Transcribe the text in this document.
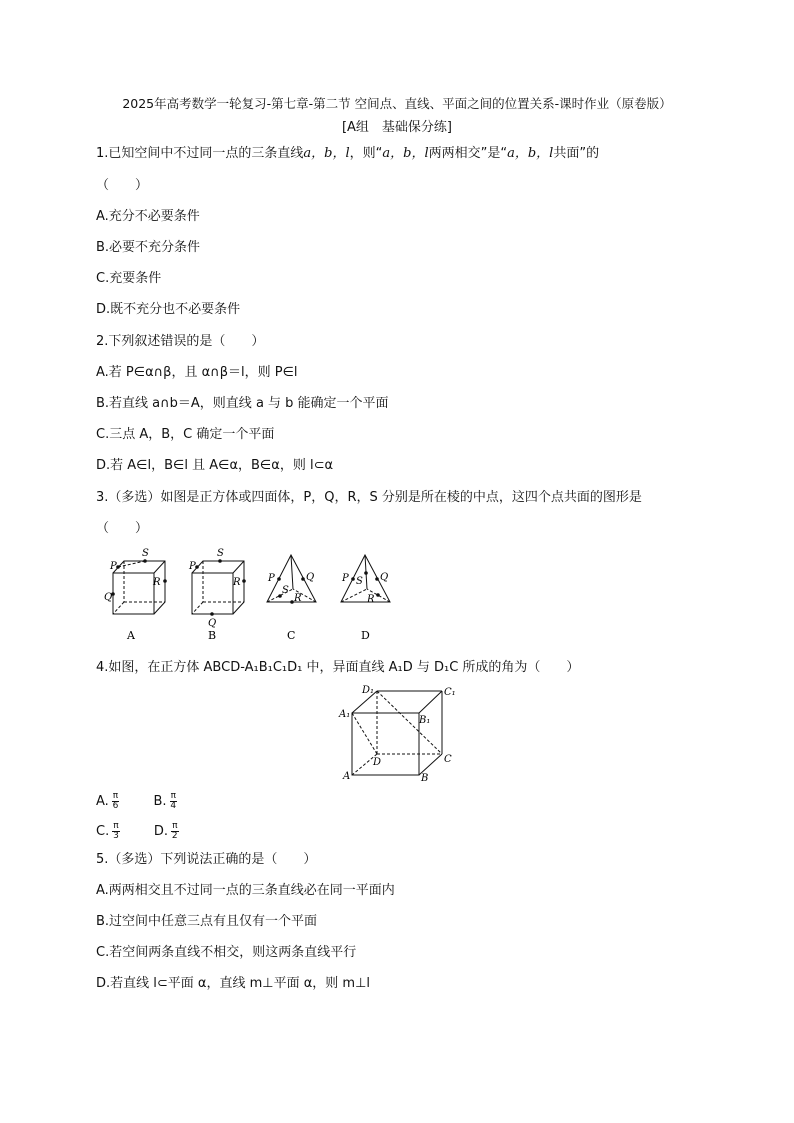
2025年高考数学一轮复习-第七章-第二节 空间点、直线、平面之间的位置关系-课时作业（原卷版）
[A组　基础保分练]
1.已知空间中不过同一点的三条直线a，b，l，则“a，b，l两两相交”是“a，b，l共面”的
（　　）
A.充分不必要条件
B.必要不充分条件
C.充要条件
D.既不充分也不必要条件
2.下列叙述错误的是（　　）
A.若 P∈α∩β，且 α∩β＝l，则 P∈l
B.若直线 a∩b＝A，则直线 a 与 b 能确定一个平面
C.三点 A，B，C 确定一个平面
D.若 A∈l，B∈l 且 A∈α，B∈α，则 l⊂α
3.（多选）如图是正方体或四面体，P，Q，R，S 分别是所在棱的中点，这四个点共面的图形是
（　　）
P
S
Q
R
A
P
S
Q
R
B
P	Q
S
R
C
P	Q
S
R
D
4.如图，在正方体 ABCD-A₁B₁C₁D₁ 中，异面直线 A₁D 与 D₁C 所成的角为（　　）
D₁	C₁
A₁
B₁
D	C
A	B
A. $\frac{\pi}{6}$	B. $\frac{\pi}{4}$
C. $\frac{\pi}{3}$	D. $\frac{\pi}{2}$
5.（多选）下列说法正确的是（　　）
A.两两相交且不过同一点的三条直线必在同一平面内
B.过空间中任意三点有且仅有一个平面
C.若空间两条直线不相交，则这两条直线平行
D.若直线 l⊂平面 α，直线 m⊥平面 α，则 m⊥l
